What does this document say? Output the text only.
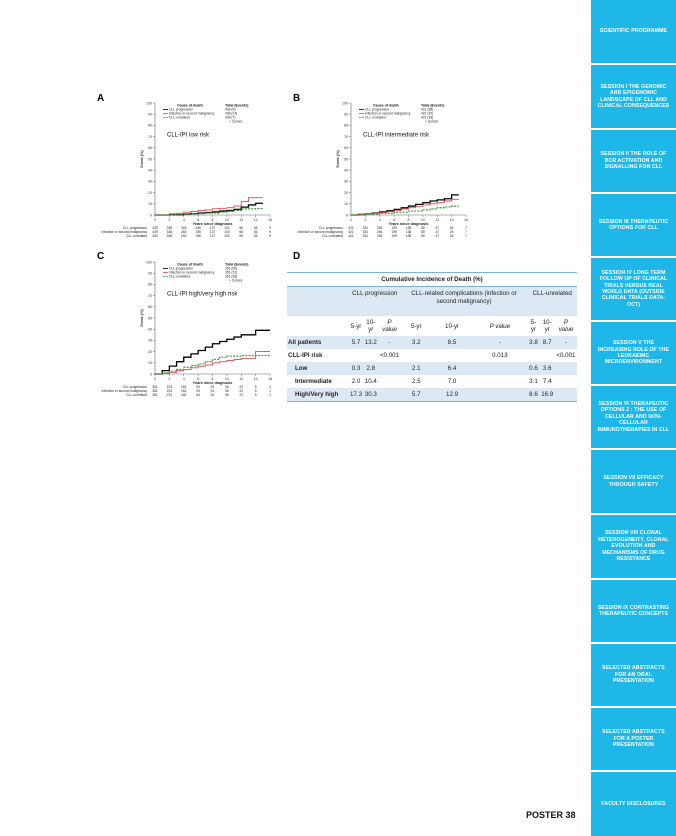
SCIENTIFIC PROGRAMME
SESSION I THE GENOMIC AND EPIGENOMIC LANDSCAPE OF CLL AND CLINICAL CONSEQUENCES
SESSION II THE ROLE OF BCR ACTIVATION AND SIGNALLING FOR CLL
SESSION III THERAPEUTIC OPTIONS FOR CLL
SESSION IV LONG TERM FOLLOW UP OF CLINICAL TRIALS VERSUS REAL WORLD DATA (OUTSIDE CLINICAL TRIALS DATA-OCT)
SESSION V THE INCREASING ROLE OF THE LEUKAEMIC MICROENVIRONMENT
SESSION VI THERAPEUTIC OPTIONS 2 : THE USE OF CELLULAR AND NON-CELLULAR IMMUNOTHERAPIES IN CLL
SESSION VII EFFICACY THROUGH SAFETY
SESSION VIII CLONAL HETEROGENEITY, CLONAL EVOLUTION AND MECHANISMS OF DRUG RESISTANCE
SESSION IX CONTRASTING THERAPEUTIC CONCEPTS
SELECTED ABSTRACTS FOR AN ORAL PRESENTATION
SELECTED ABSTRACTS FOR A POSTER PRESENTATION
FACULTY DISCLOSURES
A	B
C	D
0
10
20
30
40
50
60
70
80
90
100
0	2	4	6	8	10	12	14	16
Event (%)
Years since diagnosis
CLL-IPI low risk
Cause of death	Total (Events)
CLL progression	439 (9)
Infection or second malignancy	439 (14)
CLL-unrelated	439 (7)
+ Censor
CLL progression 439	338	263	196	137	103	66	36	9
Infection or second malignancy 439	338	263	196	137	103	66	36	9
CLL-unrelated 439	338	263	196	137	103	66	36	9
0
10
20
30
40
50
60
70
80
90
100
0	2	4	6	8	10	12	14	16
Event (%)
Years since diagnosis
CLL-IPI intermediate risk
Cause of death	Total (Events)
CLL progression	421 (38)
Infection or second malignancy	421 (30)
CLL-unrelated	421 (18)
+ Censor
CLL progression 421	331	264	199	138	85	47	26	7
Infection or second malignancy 421	331	264	199	138	85	47	26	7
CLL-unrelated 421	331	264	199	138	85	47	26	7
0
10
20
30
40
50
60
70
80
90
100
0	2	4	6	8	10	12	14	16
Event (%)
Years since diagnosis
CLL-IPI high/very high risk
Cause of death	Total (Events)
CLL progression	351 (90)
Infection or second malignancy	351 (31)
CLL-unrelated	351 (38)
+ Censor
CLL progression 351	223	162	94	51	36	22	5	1
Infection or second malignancy 351	223	162	94	51	36	22	5	1
CLL-unrelated 351	223	162	94	51	36	22	5	1
Cumulative Incidence of Death (%)									
	CLL progression			CLL-related complications (infection or second malignancy)			CLL-unrelated		
	5-yr	10-yr	P value	5-yr	10-yr	P value	5-yr	10-yr	P value
All patients	5.7	13.2	-	3.2	8.5	-	3.8	8.7	-
CLL-IPI risk			<0.001			0.013			<0.001
Low	0.3	2.8		2.1	6.4		0.6	3.6	
Intermediate	2.0	10.4		2.5	7.0		3.1	7.4	
High/Very high	17.3	30.3		5.7	12.9		8.6	16.9	
POSTER 38
